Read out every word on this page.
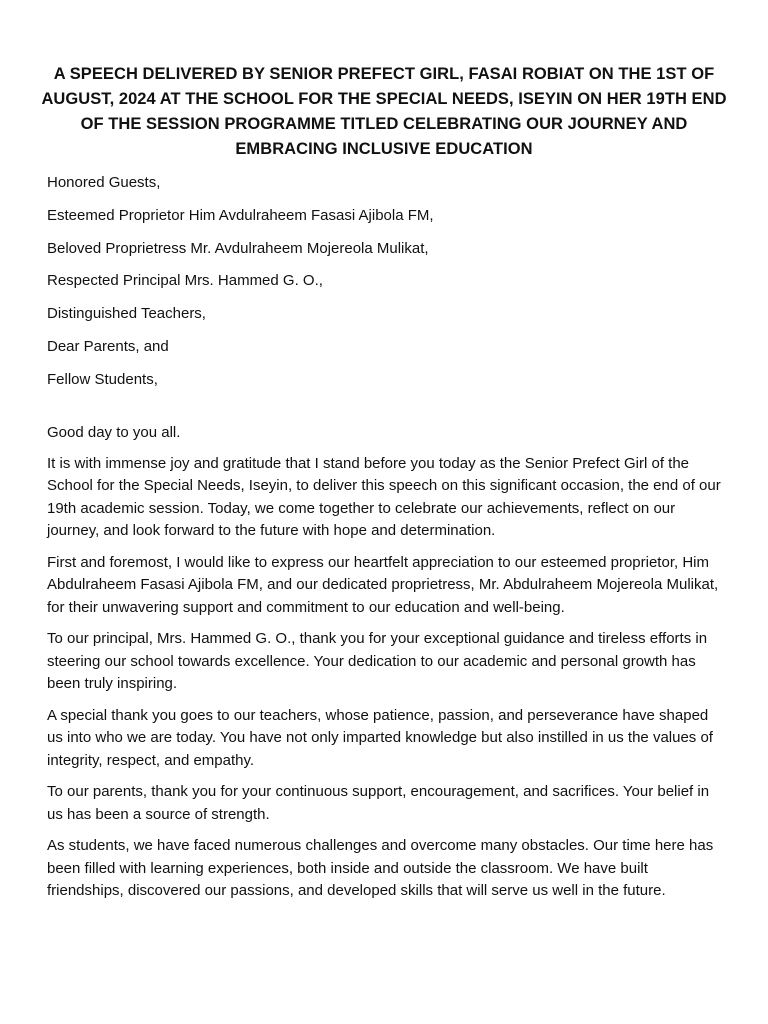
A SPEECH DELIVERED BY SENIOR PREFECT GIRL, FASAI ROBIAT ON THE 1ST OF AUGUST, 2024 AT THE SCHOOL FOR THE SPECIAL NEEDS, ISEYIN ON HER 19TH END OF THE SESSION PROGRAMME TITLED CELEBRATING OUR JOURNEY AND EMBRACING INCLUSIVE EDUCATION
Honored Guests,
Esteemed Proprietor Him Avdulraheem Fasasi Ajibola FM,
Beloved Proprietress Mr. Avdulraheem Mojereola Mulikat,
Respected Principal Mrs. Hammed G. O.,
Distinguished Teachers,
Dear Parents, and
Fellow Students,

Good day to you all.

It is with immense joy and gratitude that I stand before you today as the Senior Prefect Girl of the School for the Special Needs, Iseyin, to deliver this speech on this significant occasion, the end of our 19th academic session. Today, we come together to celebrate our achievements, reflect on our journey, and look forward to the future with hope and determination.

First and foremost, I would like to express our heartfelt appreciation to our esteemed proprietor, Him Abdulraheem Fasasi Ajibola FM, and our dedicated proprietress, Mr. Abdulraheem Mojereola Mulikat, for their unwavering support and commitment to our education and well-being.

To our principal, Mrs. Hammed G. O., thank you for your exceptional guidance and tireless efforts in steering our school towards excellence. Your dedication to our academic and personal growth has been truly inspiring.

A special thank you goes to our teachers, whose patience, passion, and perseverance have shaped us into who we are today. You have not only imparted knowledge but also instilled in us the values of integrity, respect, and empathy.

To our parents, thank you for your continuous support, encouragement, and sacrifices. Your belief in us has been a source of strength.

As students, we have faced numerous challenges and overcome many obstacles. Our time here has been filled with learning experiences, both inside and outside the classroom. We have built friendships, discovered our passions, and developed skills that will serve us well in the future.
